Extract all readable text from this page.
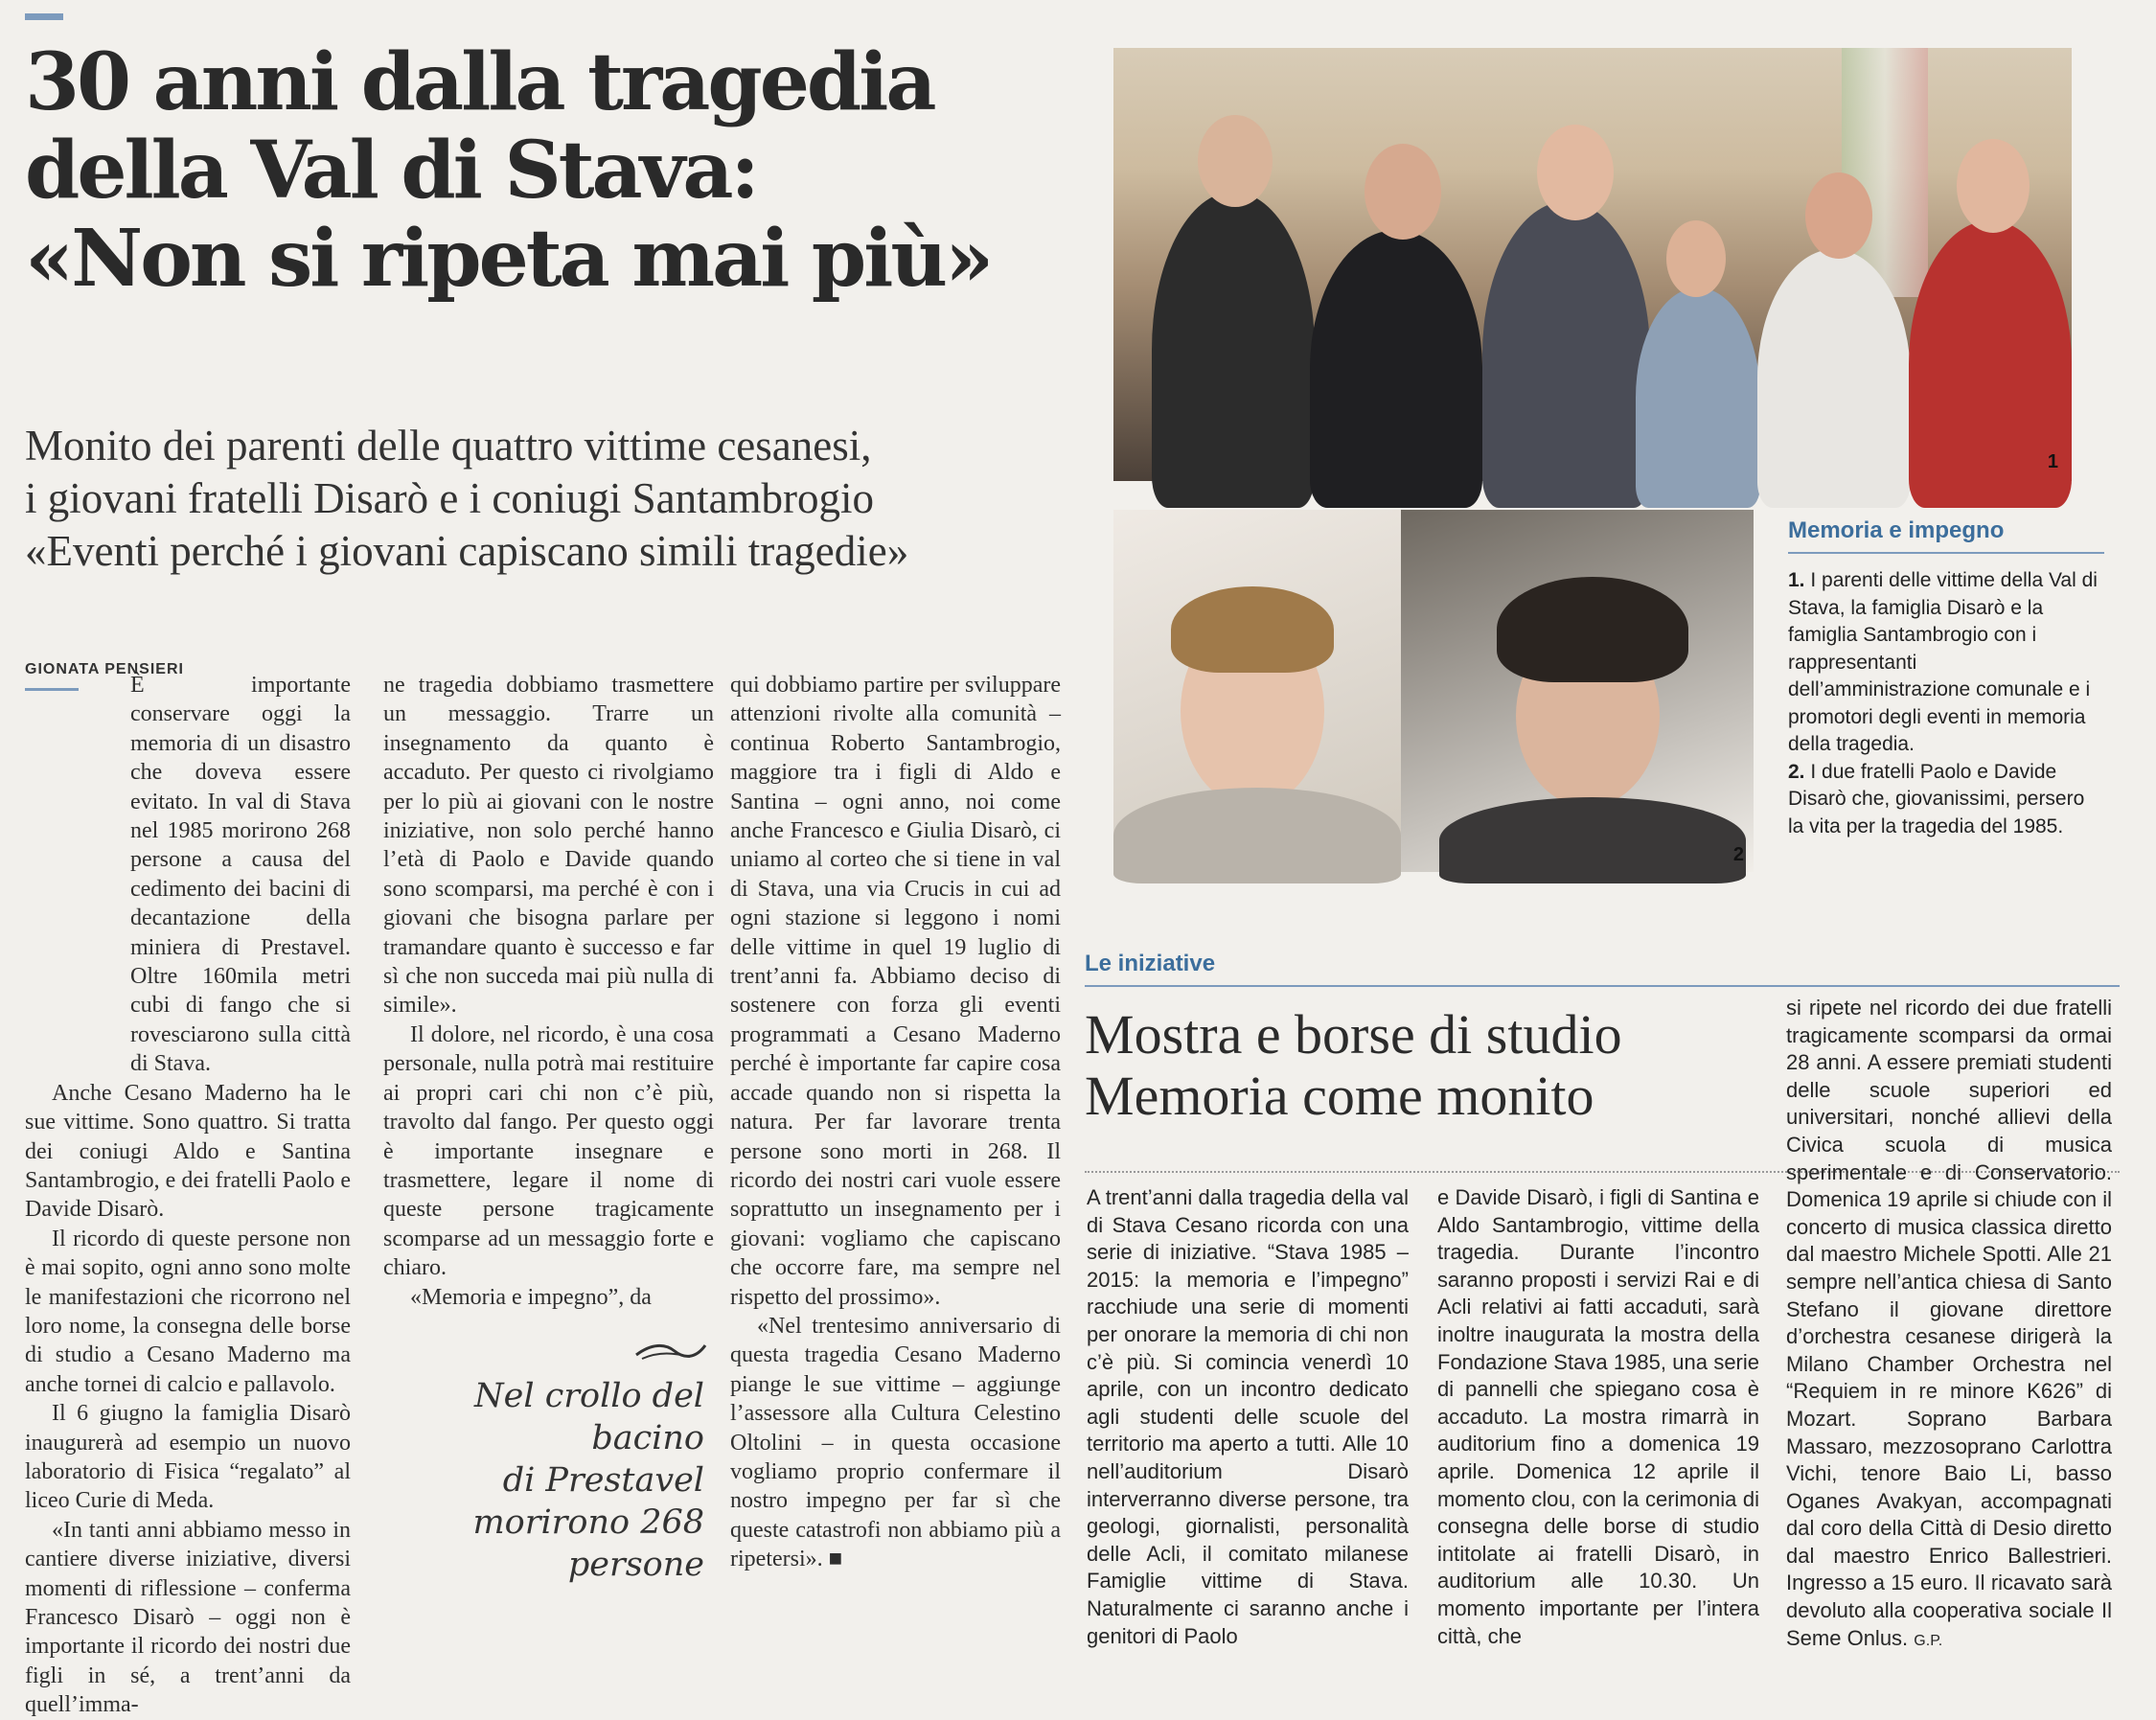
30 anni dalla tragedia
della Val di Stava:
«Non si ripeta mai più»
Monito dei parenti delle quattro vittime cesanesi,
i giovani fratelli Disarò e i coniugi Santambrogio
«Eventi perché i giovani capiscano simili tragedie»
GIONATA PENSIERI

È importante conservare oggi la memoria di un disastro che doveva essere evitato. In val di Stava nel 1985 morirono 268 persone a causa del cedimento dei bacini di decantazione della miniera di Prestavel. Oltre 160mila metri cubi di fango che si rovesciarono sulla città di Stava.

Anche Cesano Maderno ha le sue vittime. Sono quattro. Si tratta dei coniugi Aldo e Santina Santambrogio, e dei fratelli Paolo e Davide Disarò.

Il ricordo di queste persone non è mai sopito, ogni anno sono molte le manifestazioni che ricorrono nel loro nome, la consegna delle borse di studio a Cesano Maderno ma anche tornei di calcio e pallavolo.

Il 6 giugno la famiglia Disarò inaugurerà ad esempio un nuovo laboratorio di Fisica “regalato” al liceo Curie di Meda.

«In tanti anni abbiamo messo in cantiere diverse iniziative, diversi momenti di riflessione – conferma Francesco Disarò – oggi non è importante il ricordo dei nostri due figli in sé, a trent’anni da quell’imma-

ne tragedia dobbiamo trasmettere un messaggio. Trarre un insegnamento da quanto è accaduto. Per questo ci rivolgiamo per lo più ai giovani con le nostre iniziative, non solo perché hanno l’età di Paolo e Davide quando sono scomparsi, ma perché è con i giovani che bisogna parlare per tramandare quanto è successo e far sì che non succeda mai più nulla di simile».

Il dolore, nel ricordo, è una cosa personale, nulla potrà mai restituire ai propri cari chi non c’è più, travolto dal fango. Per questo oggi è importante insegnare e trasmettere, legare il nome di queste persone tragicamente scomparse ad un messaggio forte e chiaro.

«Memoria e impegno”, da

Nel crollo del bacino
di Prestavel
morirono 268
persone

qui dobbiamo partire per sviluppare attenzioni rivolte alla comunità – continua Roberto Santambrogio, maggiore tra i figli di Aldo e Santina – ogni anno, noi come anche Francesco e Giulia Disarò, ci uniamo al corteo che si tiene in val di Stava, una via Crucis in cui ad ogni stazione si leggono i nomi delle vittime in quel 19 luglio di trent’anni fa. Abbiamo deciso di sostenere con forza gli eventi programmati a Cesano Maderno perché è importante far capire cosa accade quando non si rispetta la natura. Per far lavorare trenta persone sono morti in 268. Il ricordo dei nostri cari vuole essere soprattutto un insegnamento per i giovani: vogliamo che capiscano che occorre fare, ma sempre nel rispetto del prossimo».

«Nel trentesimo anniversario di questa tragedia Cesano Maderno piange le sue vittime – aggiunge l’assessore alla Cultura Celestino Oltolini – in questa occasione vogliamo proprio confermare il nostro impegno per far sì che queste catastrofi non abbiamo più a ripetersi». ■

1
2
Memoria e impegno

1. I parenti delle vittime della Val di Stava, la famiglia Disarò e la famiglia Santambrogio con i rappresentanti dell’amministrazione comunale e i promotori degli eventi in memoria della tragedia.

2. I due fratelli Paolo e Davide Disarò che, giovanissimi, persero la vita per la tragedia del 1985.

Le iniziative
Mostra e borse di studio
Memoria come monito

A trent’anni dalla tragedia della val di Stava Cesano ricorda con una serie di iniziative. “Stava 1985 – 2015: la memoria e l’impegno” racchiude una serie di momenti per onorare la memoria di chi non c’è più. Si comincia venerdì 10 aprile, con un incontro dedicato agli studenti delle scuole del territorio ma aperto a tutti. Alle 10 nell’auditorium Disarò interverranno diverse persone, tra geologi, giornalisti, personalità delle Acli, il comitato milanese Famiglie vittime di Stava. Naturalmente ci saranno anche i genitori di Paolo

e Davide Disarò, i figli di Santina e Aldo Santambrogio, vittime della tragedia. Durante l’incontro saranno proposti i servizi Rai e di Acli relativi ai fatti accaduti, sarà inoltre inaugurata la mostra della Fondazione Stava 1985, una serie di pannelli che spiegano cosa è accaduto. La mostra rimarrà in auditorium fino a domenica 19 aprile. Domenica 12 aprile il momento clou, con la cerimonia di consegna delle borse di studio intitolate ai fratelli Disarò, in auditorium alle 10.30. Un momento importante per l’intera città, che

si ripete nel ricordo dei due fratelli tragicamente scomparsi da ormai 28 anni. A essere premiati studenti delle scuole superiori ed universitari, nonché allievi della Civica scuola di musica sperimentale e di Conservatorio. Domenica 19 aprile si chiude con il concerto di musica classica diretto dal maestro Michele Spotti. Alle 21 sempre nell’antica chiesa di Santo Stefano il giovane direttore d’orchestra cesanese dirigerà la Milano Chamber Orchestra nel “Requiem in re minore K626” di Mozart. Soprano Barbara Massaro, mezzosoprano Carlottra Vichi, tenore Baio Li, basso Oganes Avakyan, accompagnati dal coro della Città di Desio diretto dal maestro Enrico Ballestrieri. Ingresso a 15 euro. Il ricavato sarà devoluto alla cooperativa sociale Il Seme Onlus. G.P.
